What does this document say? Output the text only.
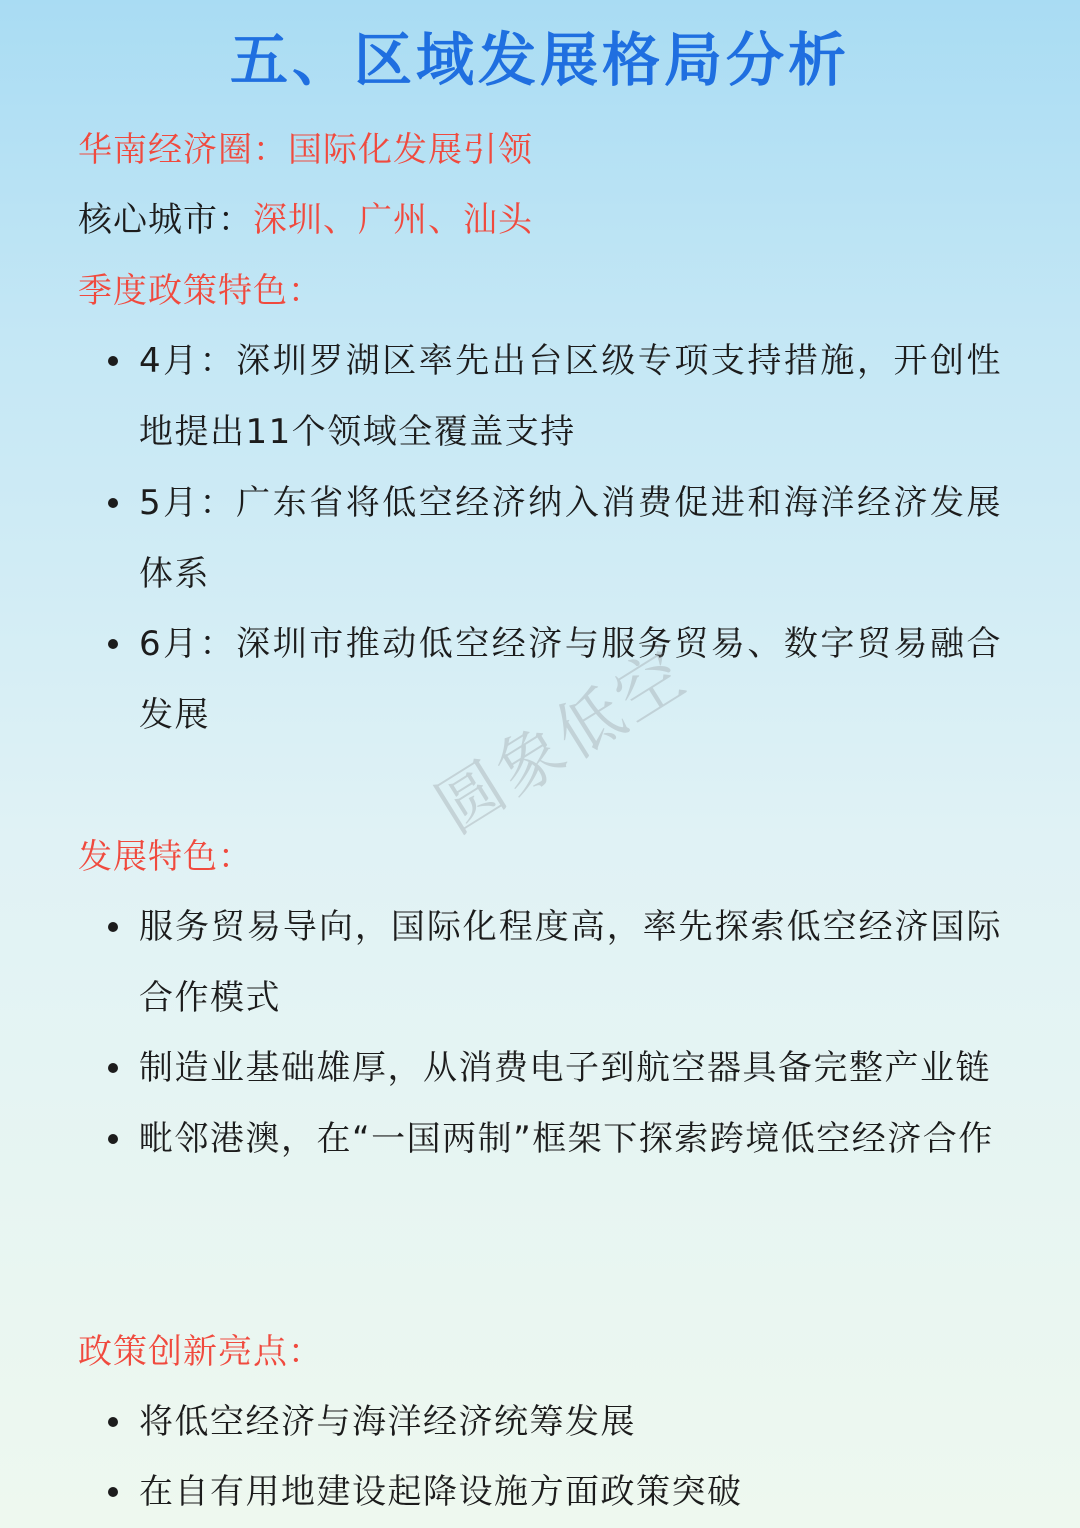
五、区域发展格局分析
华南经济圈：国际化发展引领
核心城市：深圳、广州、汕头
季度政策特色：
4月：深圳罗湖区率先出台区级专项支持措施，开创性地提出11个领域全覆盖支持
5月：广东省将低空经济纳入消费促进和海洋经济发展体系
6月：深圳市推动低空经济与服务贸易、数字贸易融合发展
发展特色：
服务贸易导向，国际化程度高，率先探索低空经济国际合作模式
制造业基础雄厚，从消费电子到航空器具备完整产业链
毗邻港澳，在“一国两制”框架下探索跨境低空经济合作
政策创新亮点：
将低空经济与海洋经济统筹发展
在自有用地建设起降设施方面政策突破
圆象低空
